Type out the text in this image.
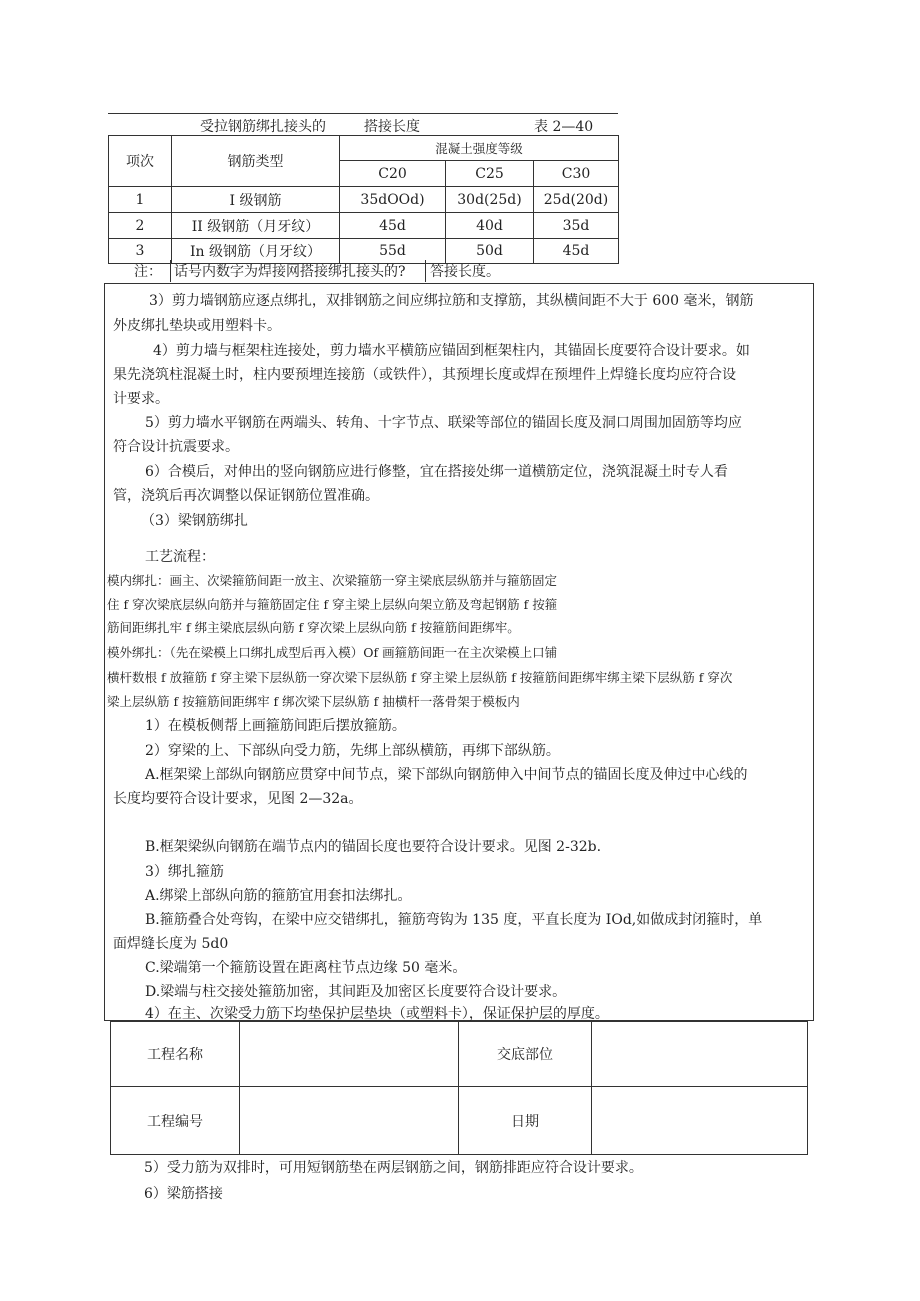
受拉钢筋绑扎接头的	搭接长度	表 2—40
项次	钢筋类型	混凝土强度等级		
		C20	C25	C30
1	I 级钢筋	35dOOd)	30d(25d)	25d(20d)
2	II 级钢筋（月牙纹）	45d	40d	35d
3	In 级钢筋（月牙纹）	55d	50d	45d
注： 话号内数字为焊接网搭接绑扎接头的? 答接长度。
3）剪力墙钢筋应逐点绑扎，双排钢筋之间应绑拉筋和支撑筋，其纵横间距不大于 600 毫米，钢筋
外皮绑扎垫块或用塑料卡。
4）剪力墙与框架柱连接处，剪力墙水平横筋应锚固到框架柱内，其锚固长度要符合设计要求。如
果先浇筑柱混凝土时，柱内要预埋连接筋（或铁件），其预埋长度或焊在预埋件上焊缝长度均应符合设
计要求。
5）剪力墙水平钢筋在两端头、转角、十字节点、联梁等部位的锚固长度及洞口周围加固筋等均应
符合设计抗震要求。
6）合模后，对伸出的竖向钢筋应进行修整，宜在搭接处绑一道横筋定位，浇筑混凝土时专人看
管，浇筑后再次调整以保证钢筋位置准确。
（3）梁钢筋绑扎
工艺流程：
模内绑扎：画主、次梁箍筋间距一放主、次梁箍筋一穿主梁底层纵筋并与箍筋固定
住 f 穿次梁底层纵向筋并与箍筋固定住 f 穿主梁上层纵向架立筋及弯起钢筋 f 按箍
筋间距绑扎牢 f 绑主梁底层纵向筋 f 穿次梁上层纵向筋 f 按箍筋间距绑牢。
模外绑扎：（先在梁模上口绑扎成型后再入模）Of 画箍筋间距一在主次梁模上口铺
横杆数根 f 放箍筋 f 穿主梁下层纵筋一穿次梁下层纵筋 f 穿主梁上层纵筋 f 按箍筋间距绑牢绑主梁下层纵筋 f 穿次
梁上层纵筋 f 按箍筋间距绑牢 f 绑次梁下层纵筋 f 抽横杆一落骨架于模板内
1）在模板侧帮上画箍筋间距后摆放箍筋。
2）穿梁的上、下部纵向受力筋，先绑上部纵横筋，再绑下部纵筋。
A.框架梁上部纵向钢筋应贯穿中间节点，梁下部纵向钢筋伸入中间节点的锚固长度及伸过中心线的
长度均要符合设计要求，见图 2—32a。
B.框架梁纵向钢筋在端节点内的锚固长度也要符合设计要求。见图 2-32b.
3）绑扎箍筋
A.绑梁上部纵向筋的箍筋宜用套扣法绑扎。
B.箍筋叠合处弯钩，在梁中应交错绑扎，箍筋弯钩为 135 度，平直长度为 IOd,如做成封闭箍时，单
面焊缝长度为 5d0
C.梁端第一个箍筋设置在距离柱节点边缘 50 毫米。
D.梁端与柱交接处箍筋加密，其间距及加密区长度要符合设计要求。
4）在主、次梁受力筋下均垫保护层垫块（或塑料卡），保证保护层的厚度。
工程名称		交底部位	
工程编号		日期	
5）受力筋为双排时，可用短钢筋垫在两层钢筋之间，钢筋排距应符合设计要求。
6）梁筋搭接
